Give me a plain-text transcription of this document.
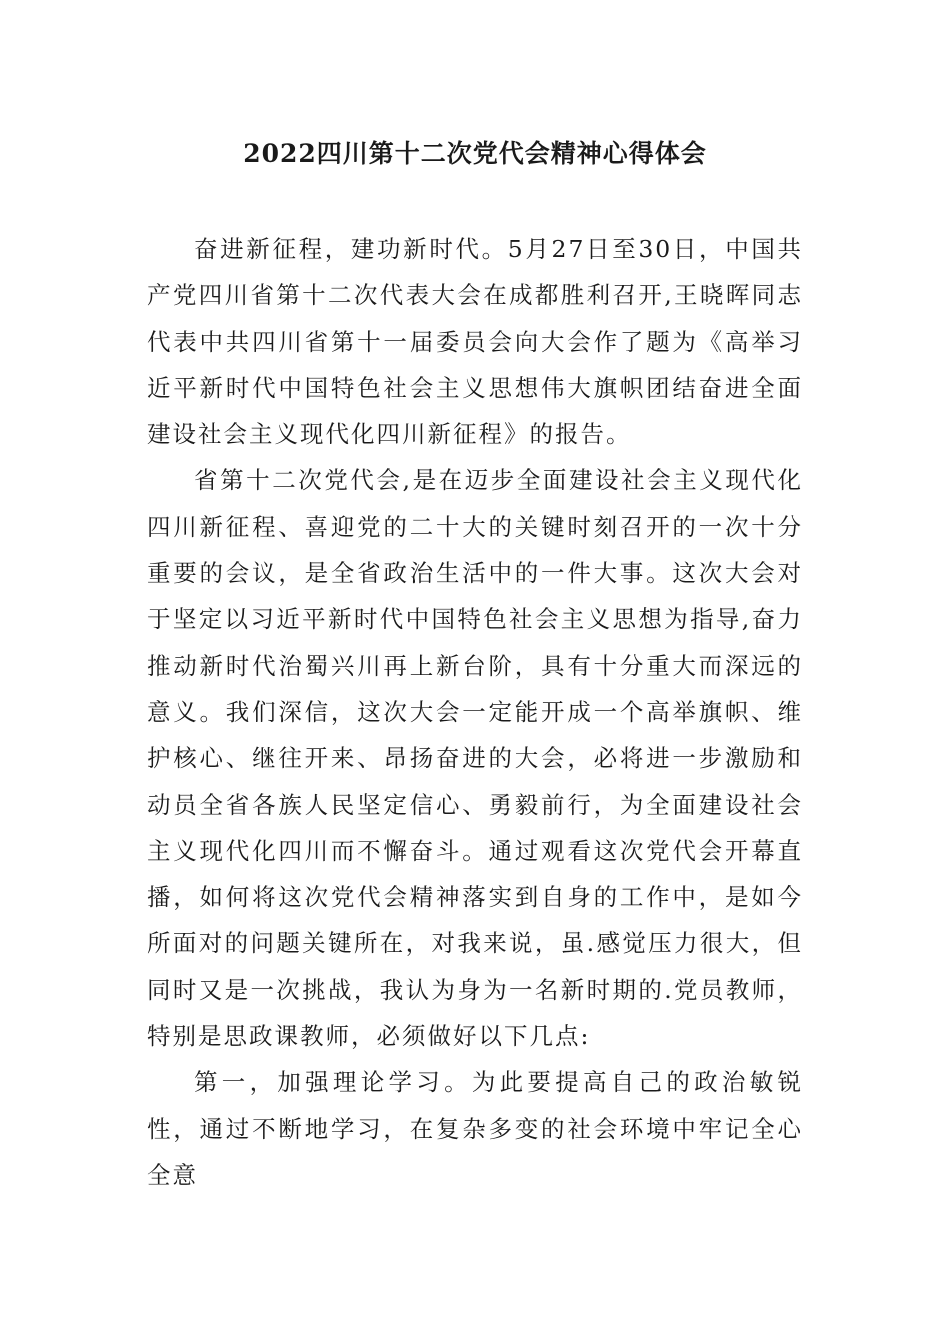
2022四川第十二次党代会精神心得体会

奋进新征程，建功新时代。5月27日至30日，中国共产党四川省第十二次代表大会在成都胜利召开,王晓晖同志代表中共四川省第十一届委员会向大会作了题为《高举习近平新时代中国特色社会主义思想伟大旗帜团结奋进全面建设社会主义现代化四川新征程》的报告。

省第十二次党代会,是在迈步全面建设社会主义现代化四川新征程、喜迎党的二十大的关键时刻召开的一次十分重要的会议，是全省政治生活中的一件大事。这次大会对于坚定以习近平新时代中国特色社会主义思想为指导,奋力推动新时代治蜀兴川再上新台阶，具有十分重大而深远的意义。我们深信，这次大会一定能开成一个高举旗帜、维护核心、继往开来、昂扬奋进的大会，必将进一步激励和动员全省各族人民坚定信心、勇毅前行，为全面建设社会主义现代化四川而不懈奋斗。通过观看这次党代会开幕直播，如何将这次党代会精神落实到自身的工作中，是如今所面对的问题关键所在，对我来说，虽.感觉压力很大，但同时又是一次挑战，我认为身为一名新时期的.党员教师，特别是思政课教师，必须做好以下几点:

第一，加强理论学习。为此要提高自己的政治敏锐性，通过不断地学习，在复杂多变的社会环境中牢记全心全意
